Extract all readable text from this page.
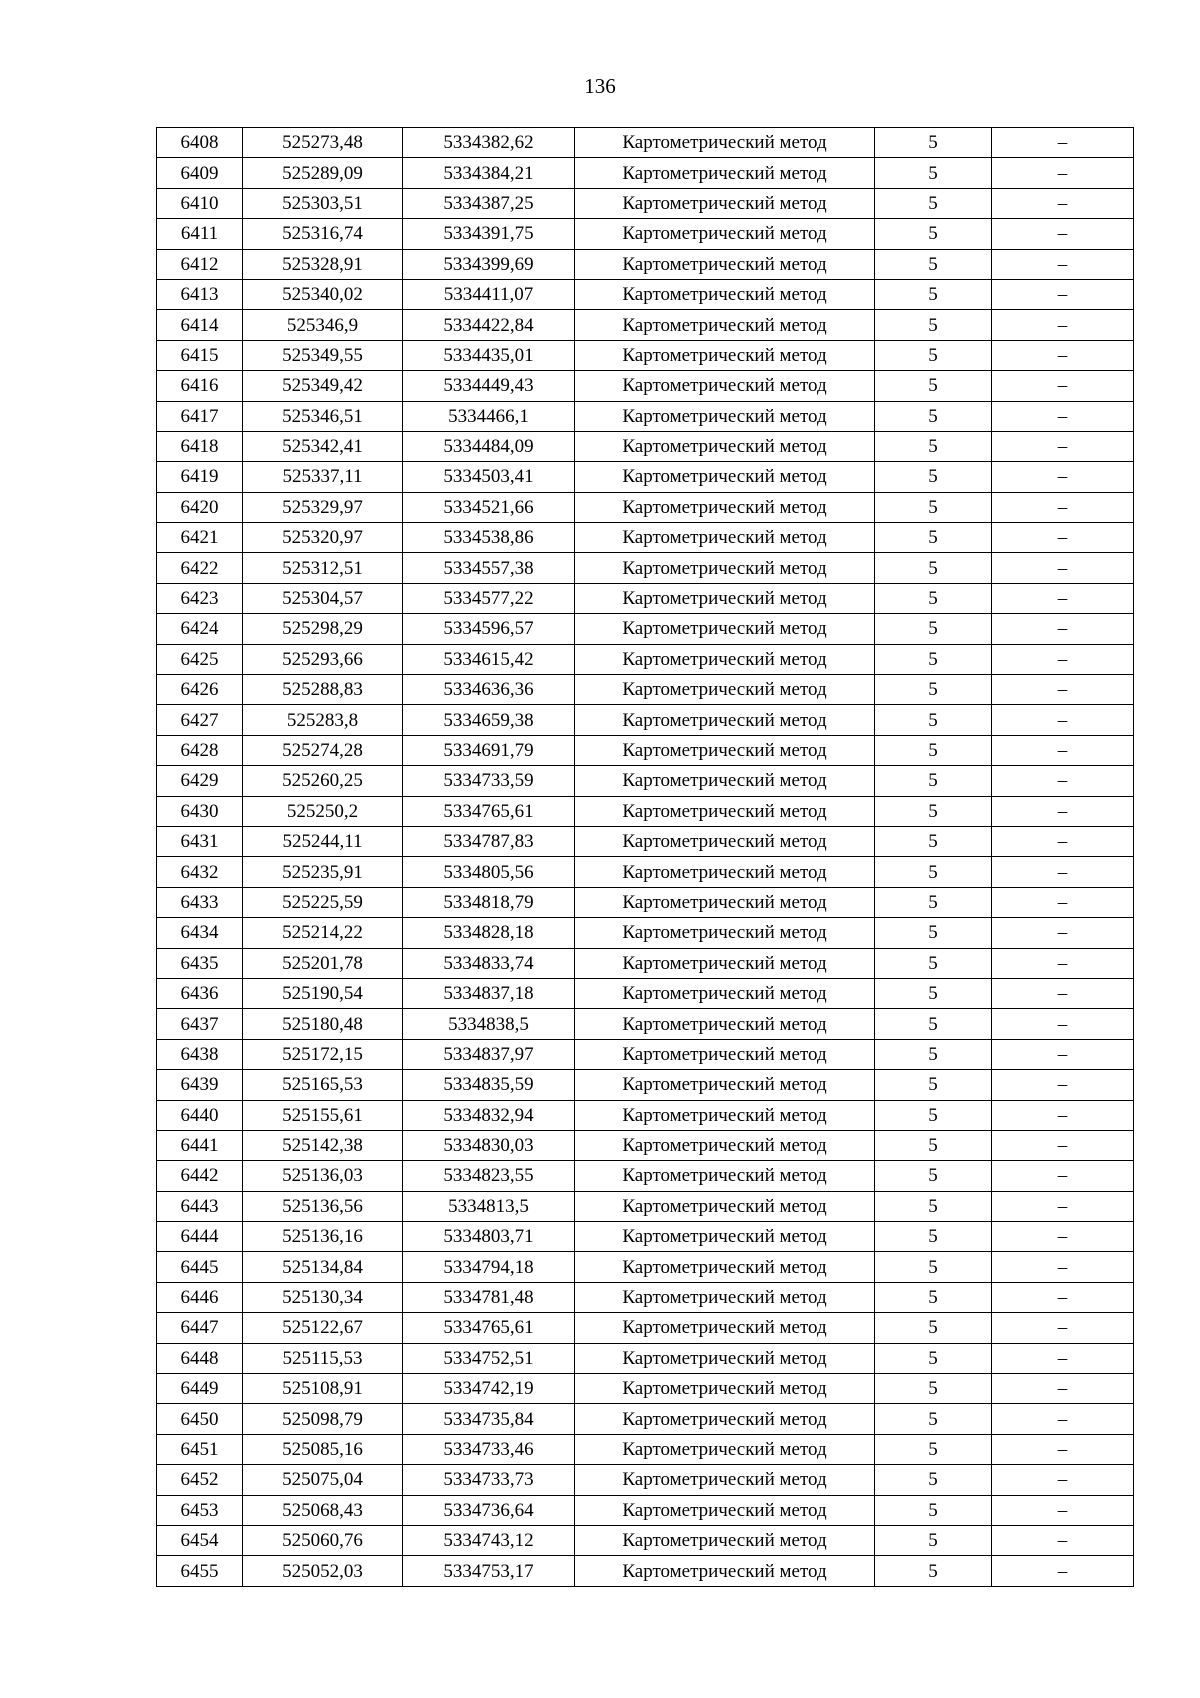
136
6408	525273,48	5334382,62	Картометрический метод	5	–
6409	525289,09	5334384,21	Картометрический метод	5	–
6410	525303,51	5334387,25	Картометрический метод	5	–
6411	525316,74	5334391,75	Картометрический метод	5	–
6412	525328,91	5334399,69	Картометрический метод	5	–
6413	525340,02	5334411,07	Картометрический метод	5	–
6414	525346,9	5334422,84	Картометрический метод	5	–
6415	525349,55	5334435,01	Картометрический метод	5	–
6416	525349,42	5334449,43	Картометрический метод	5	–
6417	525346,51	5334466,1	Картометрический метод	5	–
6418	525342,41	5334484,09	Картометрический метод	5	–
6419	525337,11	5334503,41	Картометрический метод	5	–
6420	525329,97	5334521,66	Картометрический метод	5	–
6421	525320,97	5334538,86	Картометрический метод	5	–
6422	525312,51	5334557,38	Картометрический метод	5	–
6423	525304,57	5334577,22	Картометрический метод	5	–
6424	525298,29	5334596,57	Картометрический метод	5	–
6425	525293,66	5334615,42	Картометрический метод	5	–
6426	525288,83	5334636,36	Картометрический метод	5	–
6427	525283,8	5334659,38	Картометрический метод	5	–
6428	525274,28	5334691,79	Картометрический метод	5	–
6429	525260,25	5334733,59	Картометрический метод	5	–
6430	525250,2	5334765,61	Картометрический метод	5	–
6431	525244,11	5334787,83	Картометрический метод	5	–
6432	525235,91	5334805,56	Картометрический метод	5	–
6433	525225,59	5334818,79	Картометрический метод	5	–
6434	525214,22	5334828,18	Картометрический метод	5	–
6435	525201,78	5334833,74	Картометрический метод	5	–
6436	525190,54	5334837,18	Картометрический метод	5	–
6437	525180,48	5334838,5	Картометрический метод	5	–
6438	525172,15	5334837,97	Картометрический метод	5	–
6439	525165,53	5334835,59	Картометрический метод	5	–
6440	525155,61	5334832,94	Картометрический метод	5	–
6441	525142,38	5334830,03	Картометрический метод	5	–
6442	525136,03	5334823,55	Картометрический метод	5	–
6443	525136,56	5334813,5	Картометрический метод	5	–
6444	525136,16	5334803,71	Картометрический метод	5	–
6445	525134,84	5334794,18	Картометрический метод	5	–
6446	525130,34	5334781,48	Картометрический метод	5	–
6447	525122,67	5334765,61	Картометрический метод	5	–
6448	525115,53	5334752,51	Картометрический метод	5	–
6449	525108,91	5334742,19	Картометрический метод	5	–
6450	525098,79	5334735,84	Картометрический метод	5	–
6451	525085,16	5334733,46	Картометрический метод	5	–
6452	525075,04	5334733,73	Картометрический метод	5	–
6453	525068,43	5334736,64	Картометрический метод	5	–
6454	525060,76	5334743,12	Картометрический метод	5	–
6455	525052,03	5334753,17	Картометрический метод	5	–
